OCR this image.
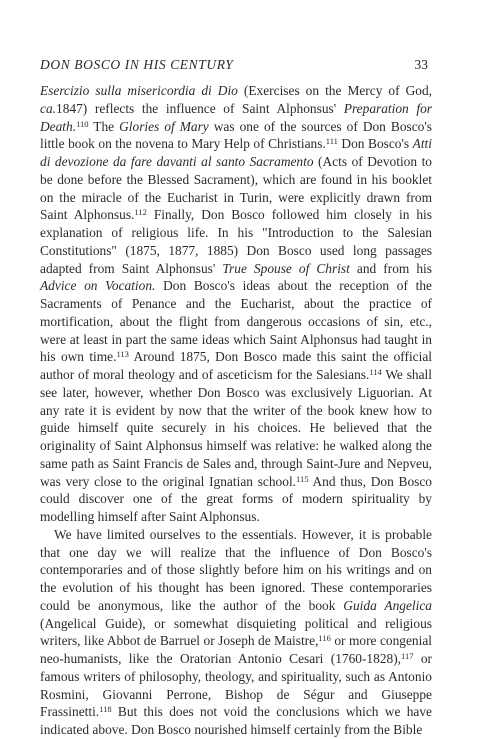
DON BOSCO IN HIS CENTURY	33

Esercizio sulla misericordia di Dio (Exercises on the Mercy of God, ca.1847) reflects the influence of Saint Alphonsus' Preparation for Death.$^{110}$ The Glories of Mary was one of the sources of Don Bosco's little book on the novena to Mary Help of Christians.$^{111}$ Don Bosco's Atti di devozione da fare davanti al santo Sacramento (Acts of Devotion to be done before the Blessed Sacrament), which are found in his booklet on the miracle of the Eucharist in Turin, were explicitly drawn from Saint Alphonsus.$^{112}$ Finally, Don Bosco followed him closely in his explanation of religious life. In his "Introduction to the Salesian Constitutions" (1875, 1877, 1885) Don Bosco used long passages adapted from Saint Alphonsus' True Spouse of Christ and from his Advice on Vocation. Don Bosco's ideas about the reception of the Sacraments of Penance and the Eucharist, about the practice of mortification, about the flight from dangerous occasions of sin, etc., were at least in part the same ideas which Saint Alphonsus had taught in his own time.$^{113}$ Around 1875, Don Bosco made this saint the official author of moral theology and of asceticism for the Salesians.$^{114}$ We shall see later, however, whether Don Bosco was exclusively Liguorian. At any rate it is evident by now that the writer of the book knew how to guide himself quite securely in his choices. He believed that the originality of Saint Alphonsus himself was relative: he walked along the same path as Saint Francis de Sales and, through Saint-Jure and Nepveu, was very close to the original Ignatian school.$^{115}$ And thus, Don Bosco could discover one of the great forms of modern spirituality by modelling himself after Saint Alphonsus.

We have limited ourselves to the essentials. However, it is probable that one day we will realize that the influence of Don Bosco's contemporaries and of those slightly before him on his writings and on the evolution of his thought has been ignored. These contemporaries could be anonymous, like the author of the book Guida Angelica (Angelical Guide), or somewhat disquieting political and religious writers, like Abbot de Barruel or Joseph de Maistre,$^{116}$ or more congenial neo-humanists, like the Oratorian Antonio Cesari (1760-1828),$^{117}$ or famous writers of philosophy, theology, and spirituality, such as Antonio Rosmini, Giovanni Perrone, Bishop de Ségur and Giuseppe Frassinetti.$^{118}$ But this does not void the conclusions which we have indicated above. Don Bosco nourished himself certainly from the Bible
